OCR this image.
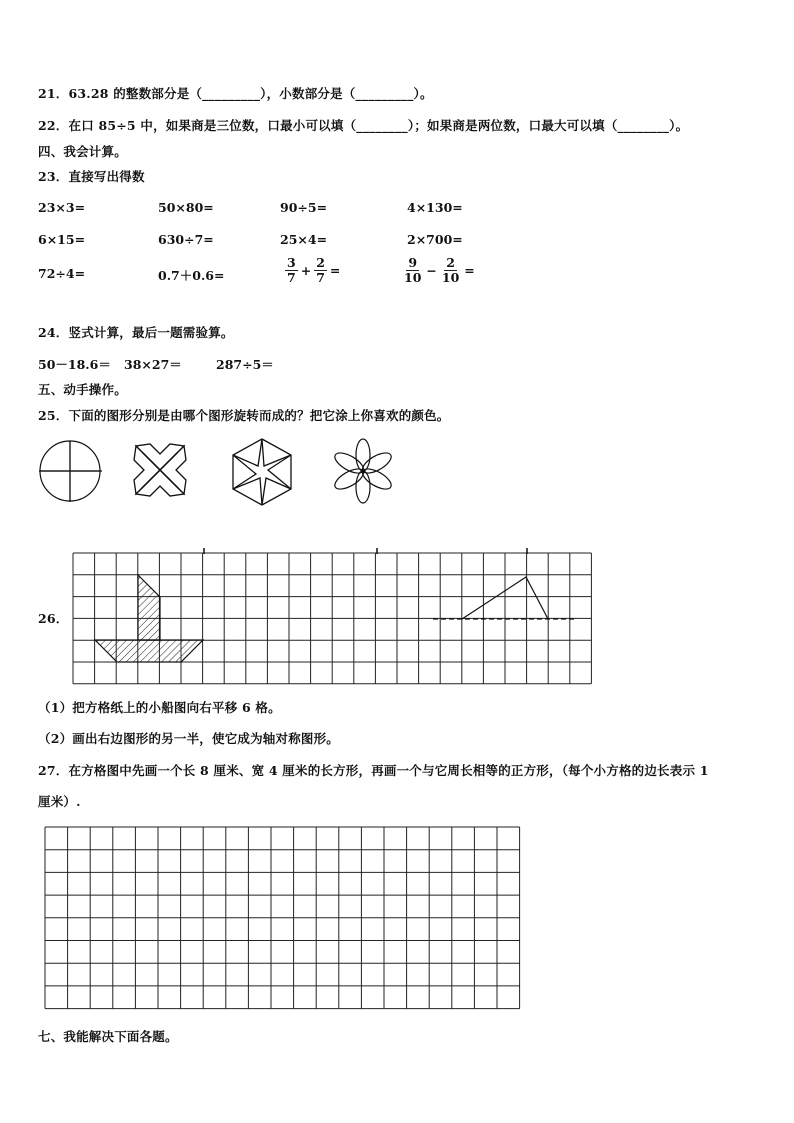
21．63.28 的整数部分是（_________），小数部分是（_________）。
22．在口 85÷5 中，如果商是三位数，口最小可以填（________）；如果商是两位数，口最大可以填（________）。
四、我会计算。
23．直接写出得数
23×3=	50×80=	90÷5=	4×130=
6×15=	630÷7=	25×4=	2×700=
72÷4=	0.7＋0.6=	$\frac{3}{7} + \frac{2}{7}$ =	$\frac{9}{10} - \frac{2}{10}$ =
24．竖式计算，最后一题需验算。
50－18.6＝ 38×27＝	287÷5＝
五、动手操作。
25．下面的图形分别是由哪个图形旋转而成的？把它涂上你喜欢的颜色。
26．
（1）把方格纸上的小船图向右平移 6 格。
（2）画出右边图形的另一半，使它成为轴对称图形。
27．在方格图中先画一个长 8 厘米、宽 4 厘米的长方形，再画一个与它周长相等的正方形，（每个小方格的边长表示 1
厘米）.
七、我能解决下面各题。
